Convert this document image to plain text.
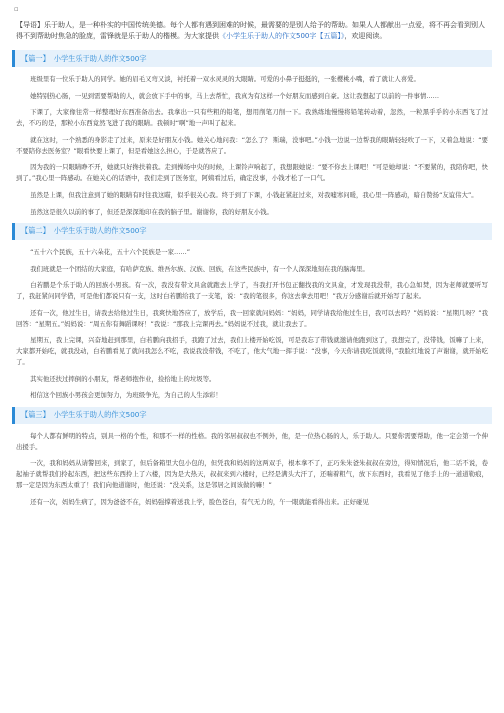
▫

【导语】乐于助人，是一种朴实的中国传统美德。每个人都有遇到困难的时候，最需要的是别人给予的帮助。如果人人都献出一点爱，将不再会看到别人得不到帮助时焦急的脸庞，雷锋就是乐于助人的楷模。为大家提供《小学生乐于助人的作文500字【五篇】》，欢迎阅读。

【篇一】 小学生乐于助人的作文500字

班级里有一位乐于助人的同学。她的眉毛又弯又淡，衬托着一双水灵灵的大眼睛。可爱的小鼻子挺挺的，一张樱桃小嘴，看了就让人喜爱。

她特别热心肠，一见到需要帮助的人，就会放下手中的事，马上去帮忙，我真为有这样一个好朋友而感到自豪。这让我想起了以前的一件事情……

下课了，大家像往常一样整理好东西准备出去。我拿出一只有些粗的铅笔，想用削笔刀削一下。我熟练地慢慢将铅笔转动着，忽然，一粒黑乎乎的小东西飞了过去，不巧的是，那粒小东西竟然飞进了我的眼睛。我顿时“啊”地一声叫了起来。

就在这时，一个熟悉的身影走了过来，原来是好朋友小钱。她关心地问我：“怎么了？ 斯瑞，没事吧。”小钱一边说一边帮我的眼睛轻轻吹了一下，又着急地说：“要不要陪你去医务室？”眼看快要上课了，但是看她这么担心，于是就答应了。

因为我的一只眼睛睁不开，她就只好搀扶着我。走到操场中央的时候，上课铃声响起了，我想跟她说：“要不你去上课吧！”可是她却说：“不要紧的，我陪你吧，快到了。”我心里一阵感动。在她关心的话语中，我们走到了医务室，阿姨看过后，确定没事，小钱才松了一口气。

虽然是上课，但我注意到了她的眼睛有时往我这瞄，似乎很关心我。终于到了下课，小钱赶紧赶过来，对我嘘寒问暖，我心里一阵感动，暗自赞扬“友谊伟大”。

虽然这是很久以前的事了，但还是深深地印在我的脑子里。谢谢你，我的好朋友小钱。

【篇二】 小学生乐于助人的作文500字

“五十六个民族，五十六朵花，五十六个民族是一家……”

我们班就是一个团结的大家庭，有哈萨克族、维吾尔族、汉族、回族，在这些民族中，有一个人深深地刻在我的脑海里。

白若鹏是个乐于助人的回族小男孩。有一次，我没有带文具盒就跑去上学了，当我打开书包正翻找我的文具盒，才发现我没带，我心急如焚，因为老师就要听写了，我赶紧问同学借，可是他们都说只有一支，这时白若鹏给我了一支笔，说：“我的笔很多，你这去拿去用吧！”我万分感谢后就开始写了起来。

还有一次，他过生日，请我去给他过生日，我爽快地答应了，放学后，我一回家就问妈妈：“妈妈，同学请我给他过生日，我可以去吗？”妈妈说：“星期几呀？”我回答：“星期五。”妈妈说：“周五你有舞蹈课呀！”我说：“那我上完课再去。”妈妈说不过我，就让我去了。

星期五，我上完课，兴奋地赶到那里，白若鹏向我招手，我跑了过去，我们上楼开始吃饭，可是我忘了带钱就邀请他跑到这了，我想完了，没带钱，饭嘛了上来，大家都开始吃，就我没动，白若鹏看见了就问我怎么不吃，我说我没带钱，不吃了，他大气地一挥手说：“没事，今天你请我吃饭就得，”我脸红地说了声谢谢，就开始吃了。

其实他还扶过摔倒的小朋友，帮老师抱作业，捡拾地上的垃圾等。

相信这个回族小男孩会更加努力，为班级争光，为自己的人生添彩！

【篇三】 小学生乐于助人的作文500字

每个人都有鲜明的特点，别具一格的个性，和那不一样的性格。我的邻居叔叔也不例外，他，是一位热心肠的人，乐于助人。只要你需要帮助，他一定会第一个伸出援手。

一次，我和妈妈从请警回来，到家了，但后备箱里大包小包的，但凭我和妈妈的这两双手，根本拿不了，正巧朱朱爸朱叔叔在旁边，得知情况后，他二话不说，卷起袖子就帮我们拎起东西，把这些东西拎上了六楼，因为是大热天，叔叔来到六楼时，已经是满头大汗了，还喘着粗气，放下东西时，我看见了他手上的一道道勒痕，那一定是因为东西太重了！我们向他道谢时，他还说：“没关系，这是邻居之间该做的嘛！”

还有一次，妈妈生病了，因为爸爸不在，妈妈强撑着送我上学，脸色苍白，有气无力的，午一眼就能看得出来。正好碰见
